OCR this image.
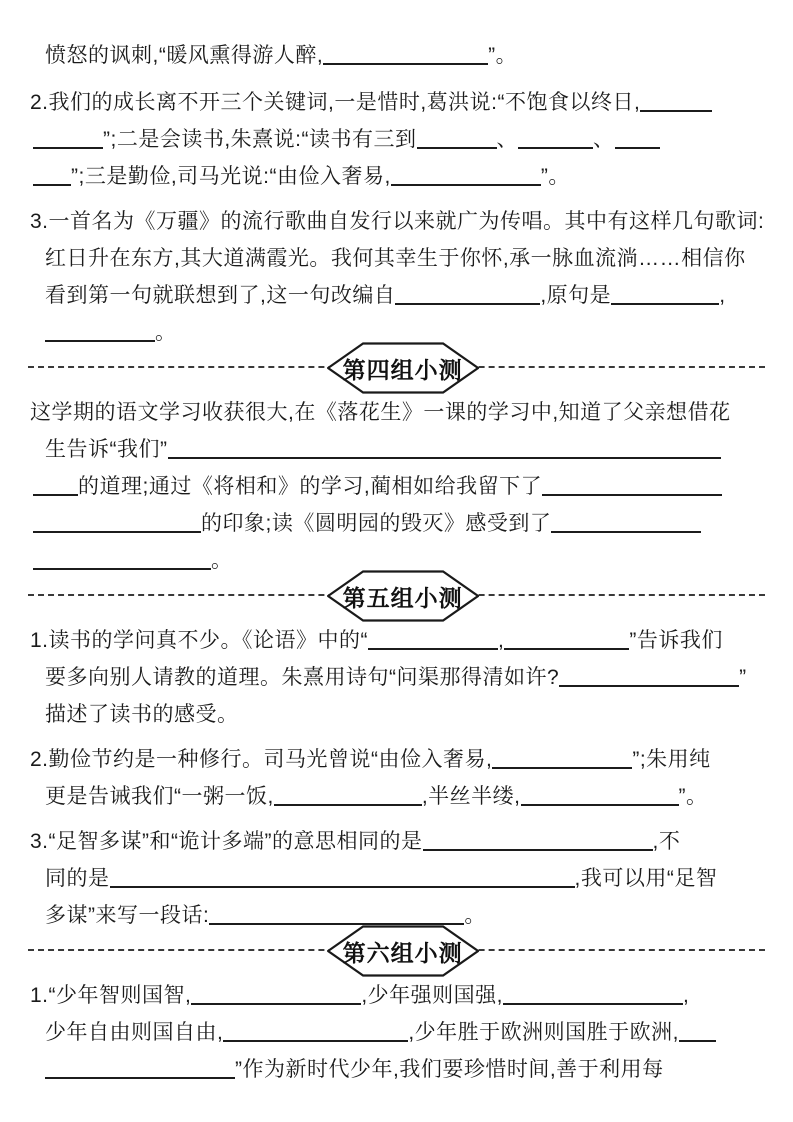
愤怒的讽刺,“暖风熏得游人醉,	”。
2.我们的成长离不开三个关键词,一是惜时,葛洪说:“不饱食以终日,
”;二是会读书,朱熹说:“读书有三到	、	、
”;三是勤俭,司马光说:“由俭入奢易,	”。
3.一首名为《万疆》的流行歌曲自发行以来就广为传唱。其中有这样几句歌词:
红日升在东方,其大道满霞光。我何其幸生于你怀,承一脉血流淌……相信你
看到第一句就联想到了,这一句改编自	,原句是	,
。
第四组小测
这学期的语文学习收获很大,在《落花生》一课的学习中,知道了父亲想借花
生告诉“我们”
的道理;通过《将相和》的学习,蔺相如给我留下了
的印象;读《圆明园的毁灭》感受到了
。
第五组小测
1.读书的学问真不少。《论语》中的“	,	”告诉我们
要多向别人请教的道理。朱熹用诗句“问渠那得清如许?	”
描述了读书的感受。
2.勤俭节约是一种修行。司马光曾说“由俭入奢易,	”;朱用纯
更是告诫我们“一粥一饭,	,半丝半缕,	”。
3.“足智多谋”和“诡计多端”的意思相同的是	,不
同的是	,我可以用“足智
多谋”来写一段话:	。
第六组小测
1.“少年智则国智,	,少年强则国强,	,
少年自由则国自由,	,少年胜于欧洲则国胜于欧洲,
”作为新时代少年,我们要珍惜时间,善于利用每
